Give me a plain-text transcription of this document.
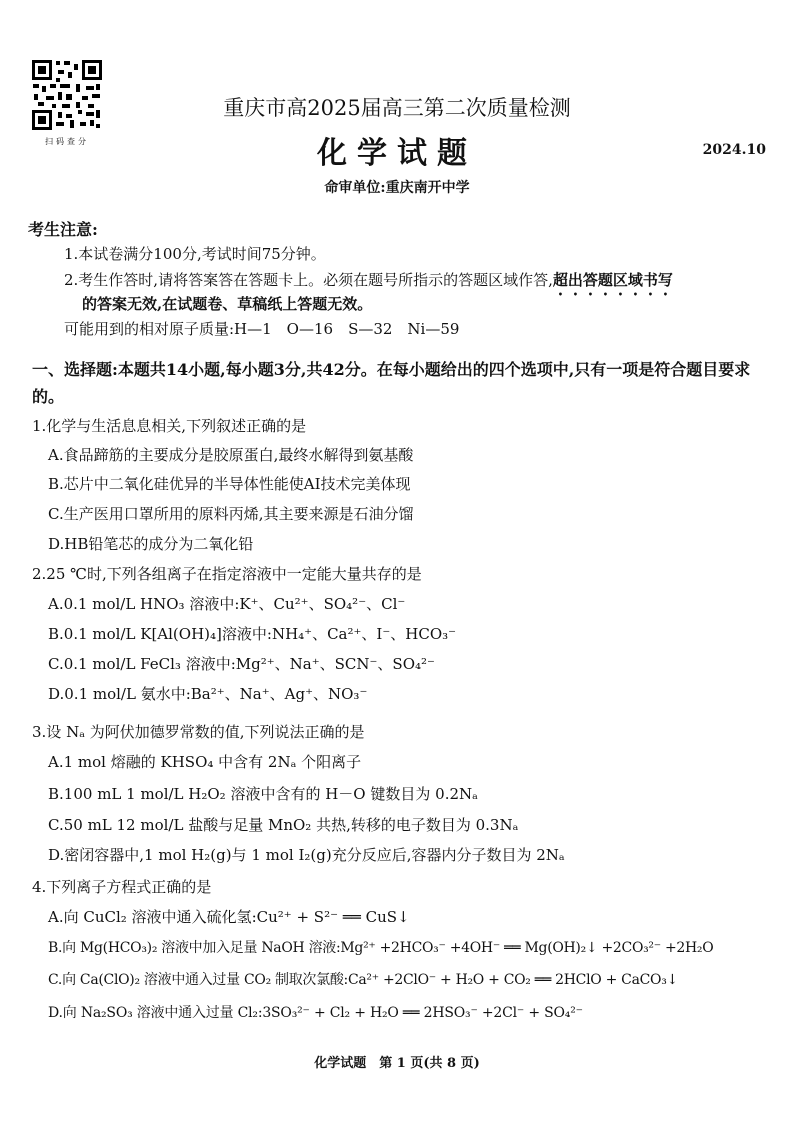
扫码查分
重庆市高2025届高三第二次质量检测
化学试题	2024.10
命审单位:重庆南开中学
考生注意:
1.本试卷满分100分,考试时间75分钟。
2.考生作答时,请将答案答在答题卡上。必须在题号所指示的答题区域作答,超出答题区域书写
的答案无效,在试题卷、草稿纸上答题无效。
可能用到的相对原子质量:H—1　O—16　S—32　Ni—59
一、选择题:本题共14小题,每小题3分,共42分。在每小题给出的四个选项中,只有一项是符合题目要求的。
1.化学与生活息息相关,下列叙述正确的是
A.食品蹄筋的主要成分是胶原蛋白,最终水解得到氨基酸
B.芯片中二氧化硅优异的半导体性能使AI技术完美体现
C.生产医用口罩所用的原料丙烯,其主要来源是石油分馏
D.HB铅笔芯的成分为二氧化铅
2.25 ℃时,下列各组离子在指定溶液中一定能大量共存的是
A.0.1 mol/L HNO₃ 溶液中:K⁺、Cu²⁺、SO₄²⁻、Cl⁻
B.0.1 mol/L K[Al(OH)₄]溶液中:NH₄⁺、Ca²⁺、I⁻、HCO₃⁻
C.0.1 mol/L FeCl₃ 溶液中:Mg²⁺、Na⁺、SCN⁻、SO₄²⁻
D.0.1 mol/L 氨水中:Ba²⁺、Na⁺、Ag⁺、NO₃⁻
3.设 Nₐ 为阿伏加德罗常数的值,下列说法正确的是
A.1 mol 熔融的 KHSO₄ 中含有 2Nₐ 个阳离子
B.100 mL 1 mol/L H₂O₂ 溶液中含有的 H－O 键数目为 0.2Nₐ
C.50 mL 12 mol/L 盐酸与足量 MnO₂ 共热,转移的电子数目为 0.3Nₐ
D.密闭容器中,1 mol H₂(g)与 1 mol I₂(g)充分反应后,容器内分子数目为 2Nₐ
4.下列离子方程式正确的是
A.向 CuCl₂ 溶液中通入硫化氢:Cu²⁺ + S²⁻ ══ CuS↓
B.向 Mg(HCO₃)₂ 溶液中加入足量 NaOH 溶液:Mg²⁺ +2HCO₃⁻ +4OH⁻ ══ Mg(OH)₂↓ +2CO₃²⁻ +2H₂O
C.向 Ca(ClO)₂ 溶液中通入过量 CO₂ 制取次氯酸:Ca²⁺ +2ClO⁻ + H₂O + CO₂ ══ 2HClO + CaCO₃↓
D.向 Na₂SO₃ 溶液中通入过量 Cl₂:3SO₃²⁻ + Cl₂ + H₂O ══ 2HSO₃⁻ +2Cl⁻ + SO₄²⁻
化学试题　第 1 页(共 8 页)
